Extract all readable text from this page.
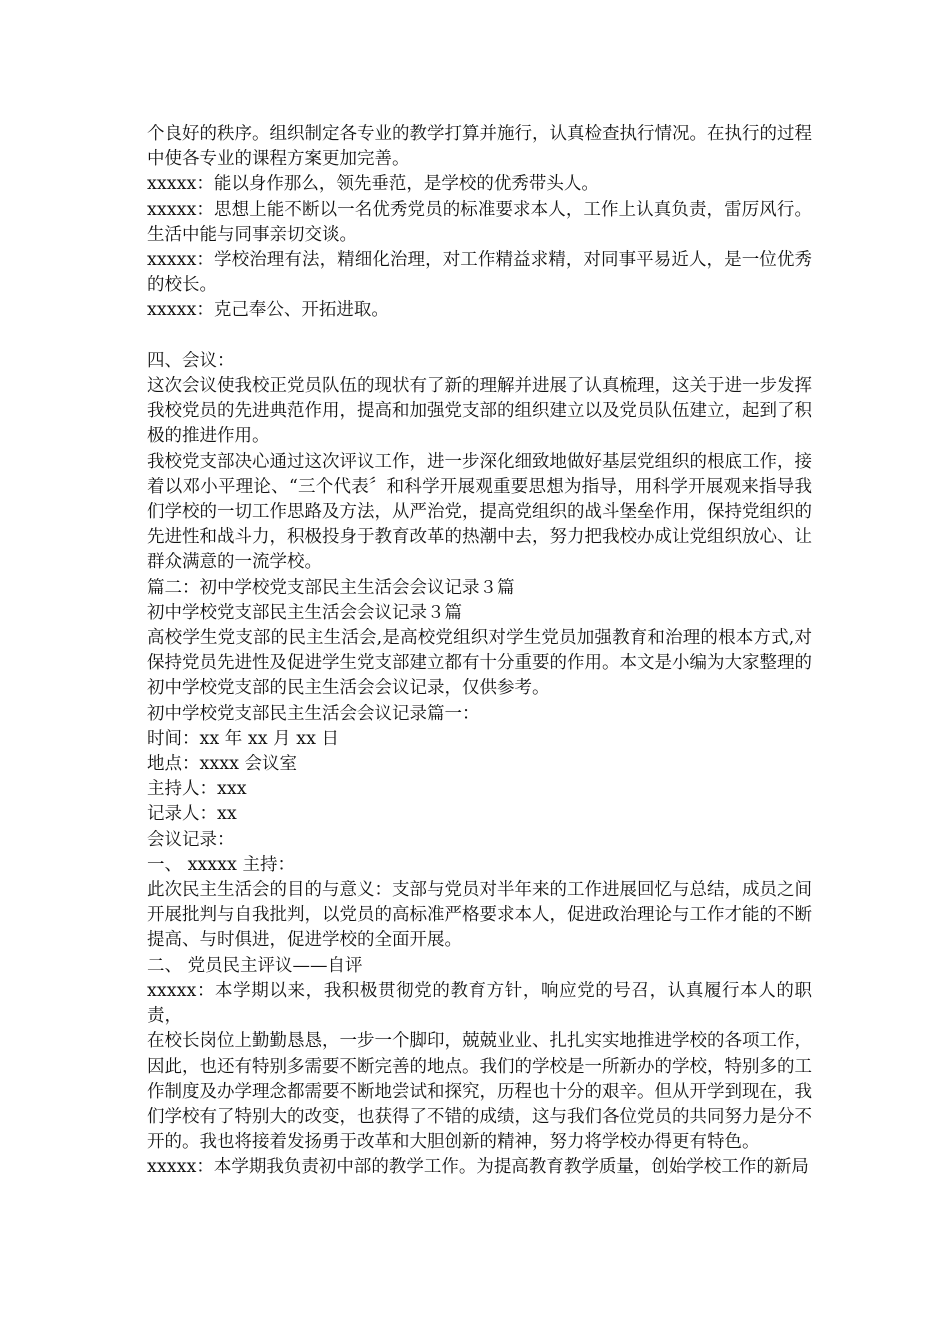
个良好的秩序。组织制定各专业的教学打算并施行，认真检查执行情况。在执行的过程中使各专业的课程方案更加完善。

xxxxx：能以身作那么，领先垂范，是学校的优秀带头人。

xxxxx：思想上能不断以一名优秀党员的标准要求本人，工作上认真负责，雷厉风行。生活中能与同事亲切交谈。

xxxxx：学校治理有法，精细化治理，对工作精益求精，对同事平易近人，是一位优秀的校长。

xxxxx：克己奉公、开拓进取。

四、会议：

这次会议使我校正党员队伍的现状有了新的理解并进展了认真梳理，这关于进一步发挥我校党员的先进典范作用，提高和加强党支部的组织建立以及党员队伍建立，起到了积极的推进作用。

我校党支部决心通过这次评议工作，进一步深化细致地做好基层党组织的根底工作，接着以邓小平理论、“三个代表〞和科学开展观重要思想为指导，用科学开展观来指导我们学校的一切工作思路及方法，从严治党，提高党组织的战斗堡垒作用，保持党组织的先进性和战斗力，积极投身于教育改革的热潮中去，努力把我校办成让党组织放心、让群众满意的一流学校。

篇二：初中学校党支部民主生活会会议记录３篇

初中学校党支部民主生活会会议记录３篇

高校学生党支部的民主生活会,是高校党组织对学生党员加强教育和治理的根本方式,对保持党员先进性及促进学生党支部建立都有十分重要的作用。本文是小编为大家整理的初中学校党支部的民主生活会会议记录，仅供参考。

初中学校党支部民主生活会会议记录篇一：

时间：xx 年 xx 月 xx 日

地点：xxxx 会议室

主持人：xxx

记录人：xx

会议记录：

一、 xxxxx 主持：

此次民主生活会的目的与意义：支部与党员对半年来的工作进展回忆与总结，成员之间开展批判与自我批判，以党员的高标准严格要求本人，促进政治理论与工作才能的不断提高、与时俱进，促进学校的全面开展。

二、 党员民主评议——自评

xxxxx：本学期以来，我积极贯彻党的教育方针，响应党的号召，认真履行本人的职责，

在校长岗位上勤勤恳恳，一步一个脚印，兢兢业业、扎扎实实地推进学校的各项工作，因此，也还有特别多需要不断完善的地点。我们的学校是一所新办的学校，特别多的工作制度及办学理念都需要不断地尝试和探究，历程也十分的艰辛。但从开学到现在，我们学校有了特别大的改变，也获得了不错的成绩，这与我们各位党员的共同努力是分不开的。我也将接着发扬勇于改革和大胆创新的精神，努力将学校办得更有特色。

xxxxx：本学期我负责初中部的教学工作。为提高教育教学质量，创始学校工作的新局
